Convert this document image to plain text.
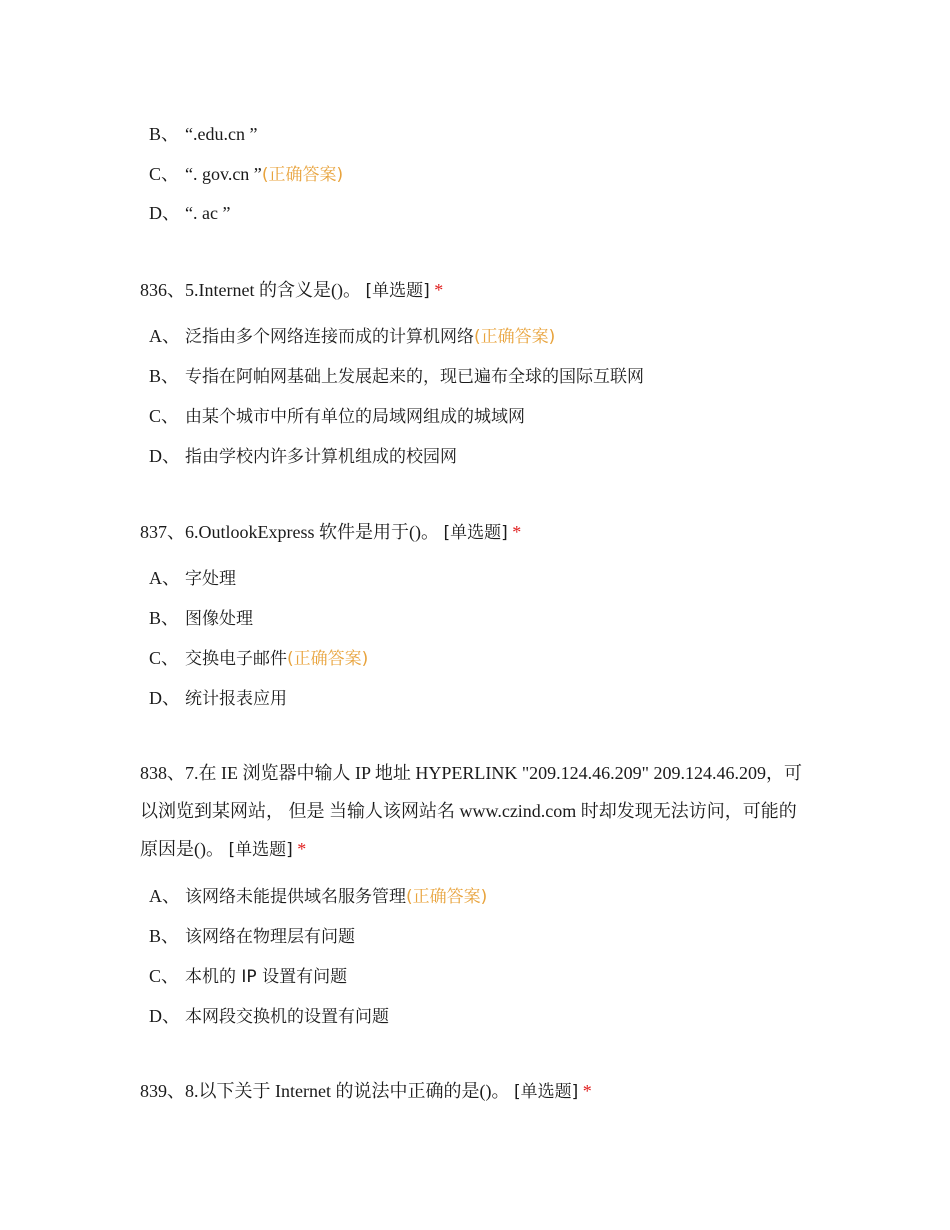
B、 “.edu.cn ”
C、 “. gov.cn ”(正确答案)
D、 “. ac ”
836、5.Internet 的含义是()。 [单选题] *
A、 泛指由多个网络连接而成的计算机网络(正确答案)
B、 专指在阿帕网基础上发展起来的，现已遍布全球的国际互联网
C、 由某个城市中所有单位的局域网组成的城域网
D、 指由学校内许多计算机组成的校园网
837、6.OutlookExpress 软件是用于()。 [单选题] *
A、 字处理
B、 图像处理
C、 交换电子邮件(正确答案)
D、 统计报表应用
838、7.在 IE 浏览器中输人 IP 地址 HYPERLINK "209.124.46.209" 209.124.46.209，可以浏览到某网站， 但是 当输人该网站名 www.czind.com 时却发现无法访问，可能的原因是()。 [单选题] *
A、 该网络未能提供域名服务管理(正确答案)
B、 该网络在物理层有问题
C、 本机的 IP 设置有问题
D、 本网段交换机的设置有问题
839、8.以下关于 Internet 的说法中正确的是()。 [单选题] *
